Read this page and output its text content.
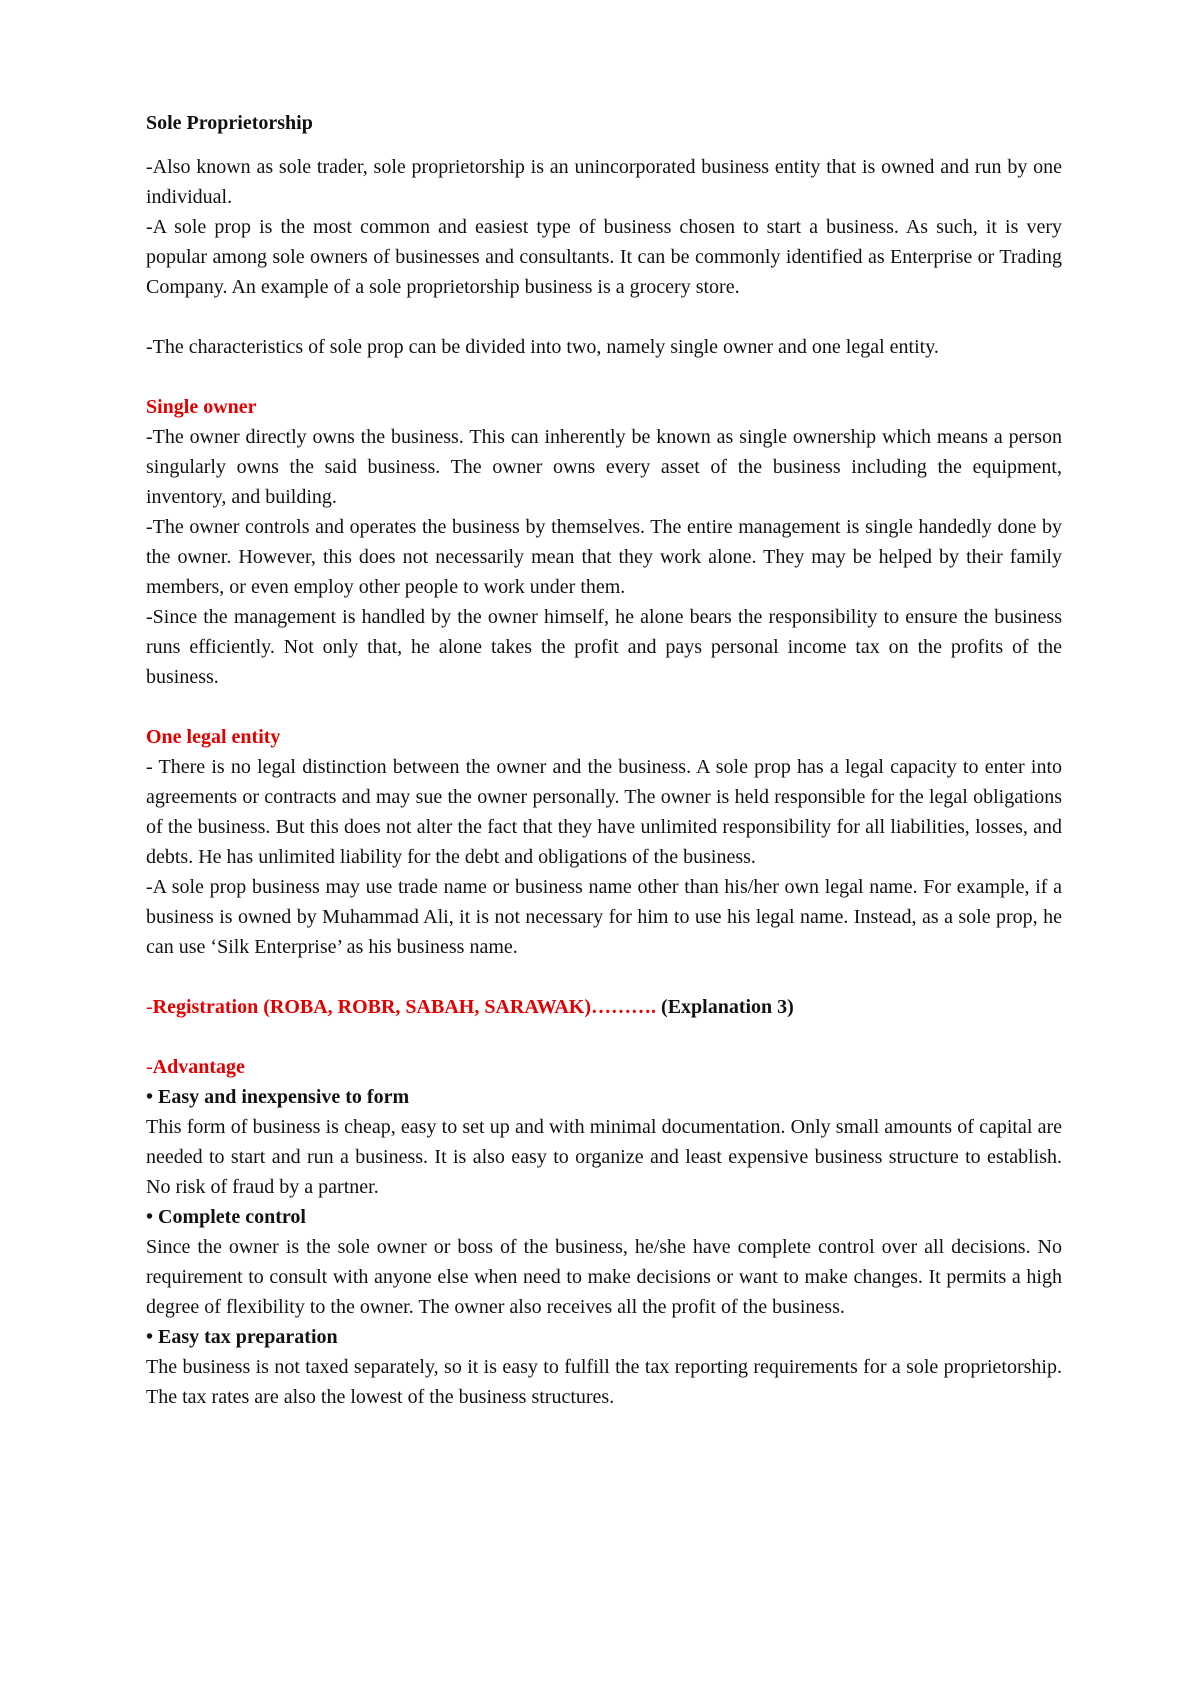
Sole Proprietorship

-Also known as sole trader, sole proprietorship is an unincorporated business entity that is owned and run by one individual.

-A sole prop is the most common and easiest type of business chosen to start a business. As such, it is very popular among sole owners of businesses and consultants. It can be commonly identified as Enterprise or Trading Company. An example of a sole proprietorship business is a grocery store.

-The characteristics of sole prop can be divided into two, namely single owner and one legal entity.

Single owner

-The owner directly owns the business. This can inherently be known as single ownership which means a person singularly owns the said business. The owner owns every asset of the business including the equipment, inventory, and building.

-The owner controls and operates the business by themselves. The entire management is single handedly done by the owner. However, this does not necessarily mean that they work alone. They may be helped by their family members, or even employ other people to work under them.

-Since the management is handled by the owner himself, he alone bears the responsibility to ensure the business runs efficiently. Not only that, he alone takes the profit and pays personal income tax on the profits of the business.

One legal entity

- There is no legal distinction between the owner and the business. A sole prop has a legal capacity to enter into agreements or contracts and may sue the owner personally. The owner is held responsible for the legal obligations of the business. But this does not alter the fact that they have unlimited responsibility for all liabilities, losses, and debts. He has unlimited liability for the debt and obligations of the business.

-A sole prop business may use trade name or business name other than his/her own legal name. For example, if a business is owned by Muhammad Ali, it is not necessary for him to use his legal name. Instead, as a sole prop, he can use ‘Silk Enterprise’ as his business name.

-Registration (ROBA, ROBR, SABAH, SARAWAK)………. (Explanation 3)

-Advantage

• Easy and inexpensive to form

This form of business is cheap, easy to set up and with minimal documentation. Only small amounts of capital are needed to start and run a business. It is also easy to organize and least expensive business structure to establish. No risk of fraud by a partner.

• Complete control

Since the owner is the sole owner or boss of the business, he/she have complete control over all decisions. No requirement to consult with anyone else when need to make decisions or want to make changes. It permits a high degree of flexibility to the owner. The owner also receives all the profit of the business.

• Easy tax preparation

The business is not taxed separately, so it is easy to fulfill the tax reporting requirements for a sole proprietorship. The tax rates are also the lowest of the business structures.
